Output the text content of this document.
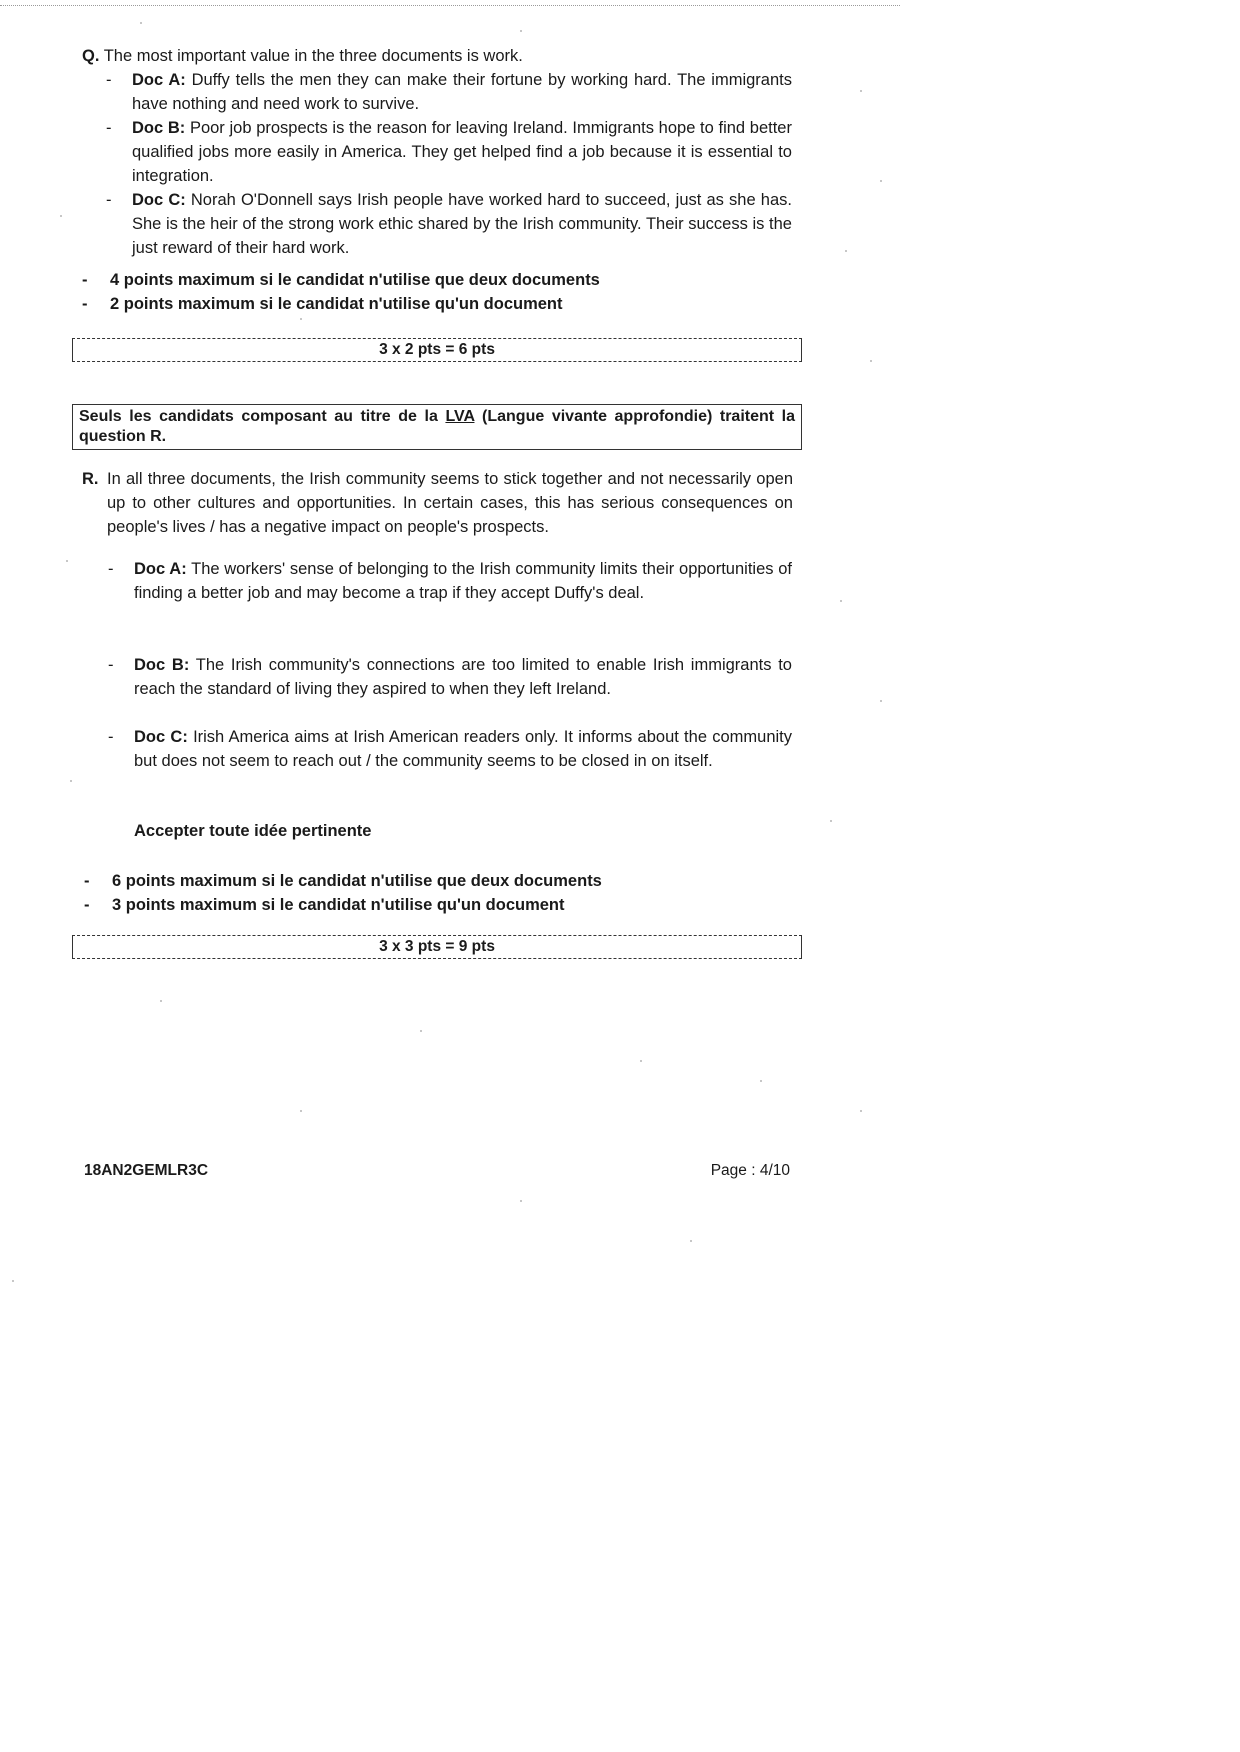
Q. The most important value in the three documents is work.
- Doc A: Duffy tells the men they can make their fortune by working hard. The immigrants have nothing and need work to survive.
- Doc B: Poor job prospects is the reason for leaving Ireland. Immigrants hope to find better qualified jobs more easily in America. They get helped find a job because it is essential to integration.
- Doc C: Norah O'Donnell says Irish people have worked hard to succeed, just as she has. She is the heir of the strong work ethic shared by the Irish community. Their success is the just reward of their hard work.
- 4 points maximum si le candidat n'utilise que deux documents
- 2 points maximum si le candidat n'utilise qu'un document
3 x 2 pts = 6 pts
Seuls les candidats composant au titre de la LVA (Langue vivante approfondie) traitent la question R.
R. In all three documents, the Irish community seems to stick together and not necessarily open up to other cultures and opportunities. In certain cases, this has serious consequences on people's lives / has a negative impact on people's prospects.
- Doc A: The workers' sense of belonging to the Irish community limits their opportunities of finding a better job and may become a trap if they accept Duffy's deal.
- Doc B: The Irish community's connections are too limited to enable Irish immigrants to reach the standard of living they aspired to when they left Ireland.
- Doc C: Irish America aims at Irish American readers only. It informs about the community but does not seem to reach out / the community seems to be closed in on itself.
Accepter toute idée pertinente
- 6 points maximum si le candidat n'utilise que deux documents
- 3 points maximum si le candidat n'utilise qu'un document
3 x 3 pts = 9 pts
18AN2GEMLR3C	Page : 4/10
